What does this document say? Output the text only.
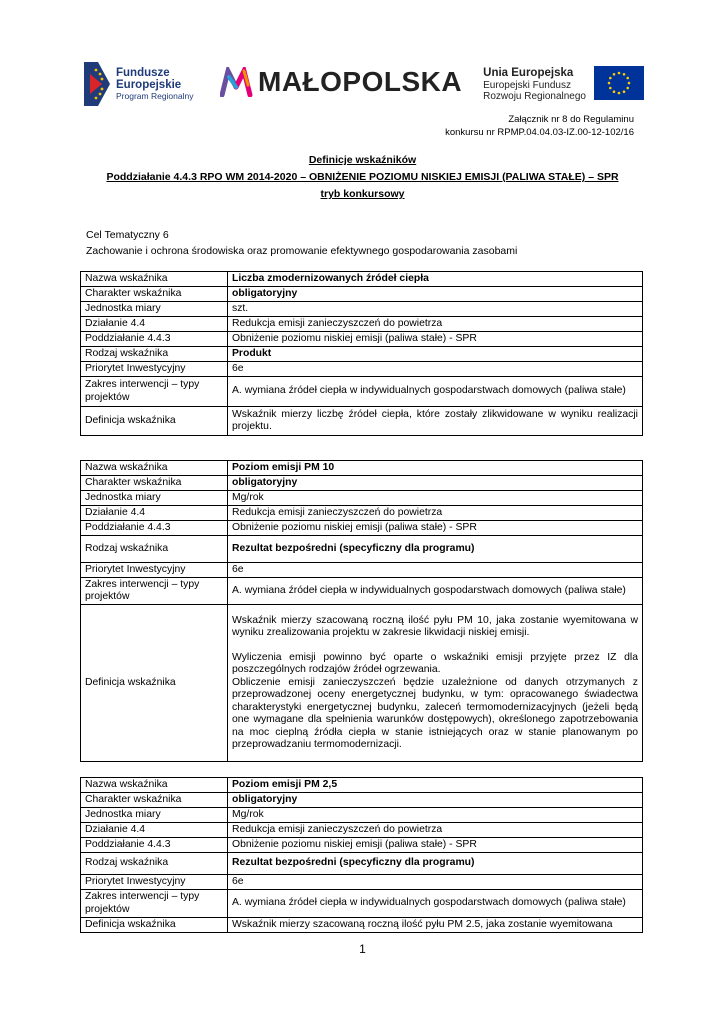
Fundusze
Europejskie
Program Regionalny MAŁOPOLSKA Unia Europejska
Europejski Fundusz
Rozwoju Regionalnego
Załącznik nr 8 do Regulaminu
konkursu nr RPMP.04.04.03-IZ.00-12-102/16
Definicje wskaźników
Poddziałanie 4.4.3 RPO WM 2014-2020 – OBNIŻENIE POZIOMU NISKIEJ EMISJI (PALIWA STAŁE) – SPR
tryb konkursowy
Cel Tematyczny 6
Zachowanie i ochrona środowiska oraz promowanie efektywnego gospodarowania zasobami
Nazwa wskaźnika	Liczba zmodernizowanych źródeł ciepła
Charakter wskaźnika	obligatoryjny
Jednostka miary	szt.
Działanie 4.4	Redukcja emisji zanieczyszczeń do powietrza
Poddziałanie 4.4.3	Obniżenie poziomu niskiej emisji (paliwa stałe) - SPR
Rodzaj wskaźnika	Produkt
Priorytet Inwestycyjny	6e
Zakres interwencji – typy projektów	A. wymiana źródeł ciepła w indywidualnych gospodarstwach domowych (paliwa stałe)
Definicja wskaźnika	Wskaźnik mierzy liczbę źródeł ciepła, które zostały zlikwidowane w wyniku realizacji projektu.
Nazwa wskaźnika	Poziom emisji PM 10
Charakter wskaźnika	obligatoryjny
Jednostka miary	Mg/rok
Działanie 4.4	Redukcja emisji zanieczyszczeń do powietrza
Poddziałanie 4.4.3	Obniżenie poziomu niskiej emisji (paliwa stałe) - SPR
Rodzaj wskaźnika	Rezultat bezpośredni (specyficzny dla programu)
Priorytet Inwestycyjny	6e
Zakres interwencji – typy projektów	A. wymiana źródeł ciepła w indywidualnych gospodarstwach domowych (paliwa stałe)
Definicja wskaźnika	Wskaźnik mierzy szacowaną roczną ilość pyłu PM 10, jaka zostanie wyemitowana w wyniku zrealizowania projektu w zakresie likwidacji niskiej emisji.
Wyliczenia emisji powinno być oparte o wskaźniki emisji przyjęte przez IZ dla poszczególnych rodzajów źródeł ogrzewania.
Obliczenie emisji zanieczyszczeń będzie uzależnione od danych otrzymanych z przeprowadzonej oceny energetycznej budynku, w tym: opracowanego świadectwa charakterystyki energetycznej budynku, zaleceń termomodernizacyjnych (jeżeli będą one wymagane dla spełnienia warunków dostępowych), określonego zapotrzebowania na moc cieplną źródła ciepła w stanie istniejących oraz w stanie planowanym po przeprowadzaniu termomodernizacji.
Nazwa wskaźnika	Poziom emisji PM 2,5
Charakter wskaźnika	obligatoryjny
Jednostka miary	Mg/rok
Działanie 4.4	Redukcja emisji zanieczyszczeń do powietrza
Poddziałanie 4.4.3	Obniżenie poziomu niskiej emisji (paliwa stałe) - SPR
Rodzaj wskaźnika	Rezultat bezpośredni (specyficzny dla programu)
Priorytet Inwestycyjny	6e
Zakres interwencji – typy projektów	A. wymiana źródeł ciepła w indywidualnych gospodarstwach domowych (paliwa stałe)
Definicja wskaźnika	Wskaźnik mierzy szacowaną roczną ilość pyłu PM 2.5, jaka zostanie wyemitowana
1
